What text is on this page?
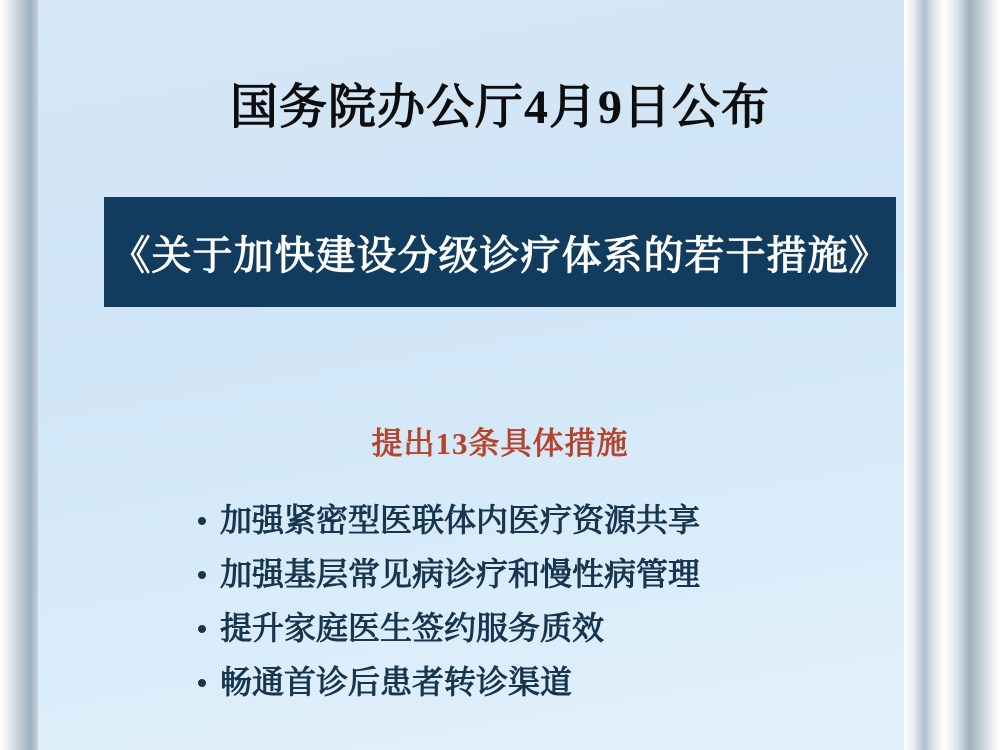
国务院办公厅4月9日公布
《关于加快建设分级诊疗体系的若干措施》
提出13条具体措施
加强紧密型医联体内医疗资源共享
加强基层常见病诊疗和慢性病管理
提升家庭医生签约服务质效
畅通首诊后患者转诊渠道
